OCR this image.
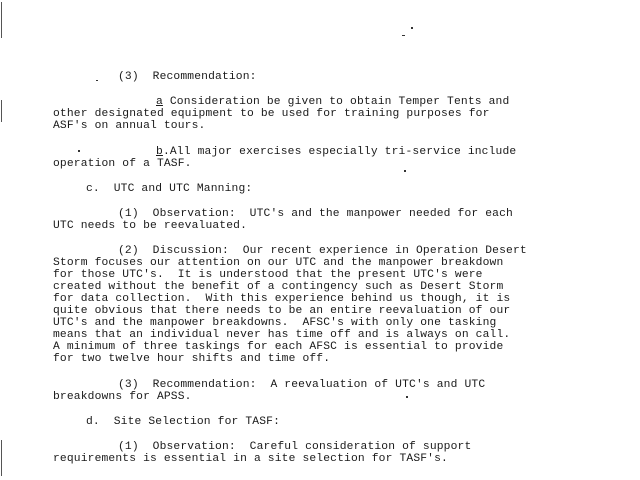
(3)  Recommendation:
a Consideration be given to obtain Temper Tents and
other designated equipment to be used for training purposes for
ASF's on annual tours.
b.All major exercises especially tri-service include
operation of a TASF.
c.  UTC and UTC Manning:
(1)  Observation:  UTC's and the manpower needed for each
UTC needs to be reevaluated.
(2)  Discussion:  Our recent experience in Operation Desert
Storm focuses our attention on our UTC and the manpower breakdown
for those UTC's.  It is understood that the present UTC's were
created without the benefit of a contingency such as Desert Storm
for data collection.  With this experience behind us though, it is
quite obvious that there needs to be an entire reevaluation of our
UTC's and the manpower breakdowns.  AFSC's with only one tasking
means that an individual never has time off and is always on call.
A minimum of three taskings for each AFSC is essential to provide
for two twelve hour shifts and time off.
(3)  Recommendation:  A reevaluation of UTC's and UTC
breakdowns for APSS.
d.  Site Selection for TASF:
(1)  Observation:  Careful consideration of support
requirements is essential in a site selection for TASF's.
